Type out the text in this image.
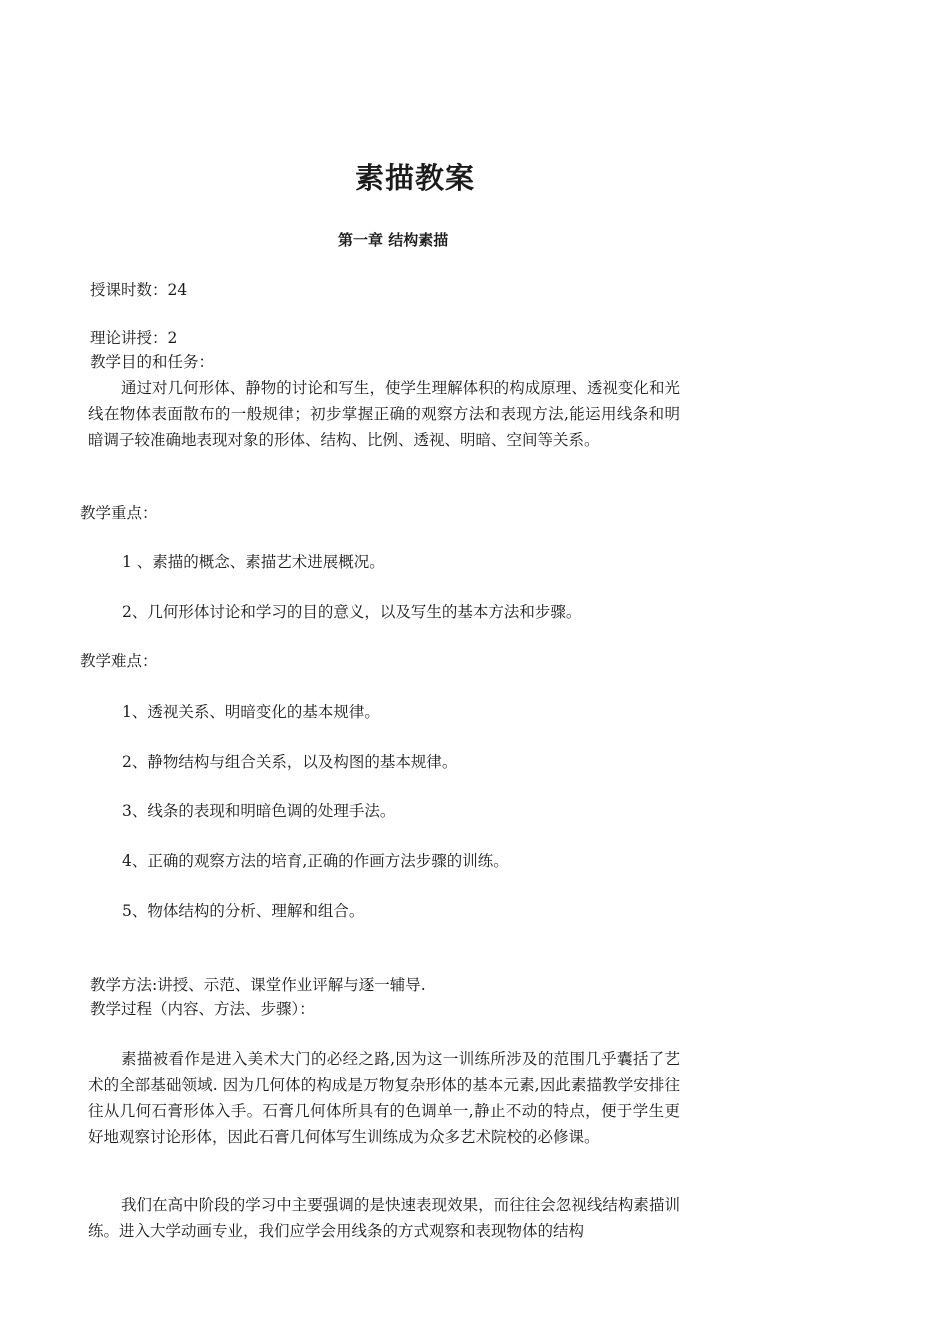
素描教案
第一章 结构素描
授课时数：24
理论讲授：2
教学目的和任务：
通过对几何形体、静物的讨论和写生，使学生理解体积的构成原理、透视变化和光线在物体表面散布的一般规律；初步掌握正确的观察方法和表现方法,能运用线条和明暗调子较准确地表现对象的形体、结构、比例、透视、明暗、空间等关系。
教学重点：
1 、素描的概念、素描艺术进展概况。
2、几何形体讨论和学习的目的意义，以及写生的基本方法和步骤。
教学难点：
1、透视关系、明暗变化的基本规律。
2、静物结构与组合关系，以及构图的基本规律。
3、线条的表现和明暗色调的处理手法。
4、正确的观察方法的培育,正确的作画方法步骤的训练。
5、物体结构的分析、理解和组合。
教学方法:讲授、示范、课堂作业评解与逐一辅导.
教学过程（内容、方法、步骤）：
素描被看作是进入美术大门的必经之路,因为这一训练所涉及的范围几乎囊括了艺术的全部基础领域. 因为几何体的构成是万物复杂形体的基本元素,因此素描教学安排往往从几何石膏形体入手。石膏几何体所具有的色调单一,静止不动的特点，便于学生更好地观察讨论形体，因此石膏几何体写生训练成为众多艺术院校的必修课。
我们在高中阶段的学习中主要强调的是快速表现效果，而往往会忽视线结构素描训练。进入大学动画专业，我们应学会用线条的方式观察和表现物体的结构
